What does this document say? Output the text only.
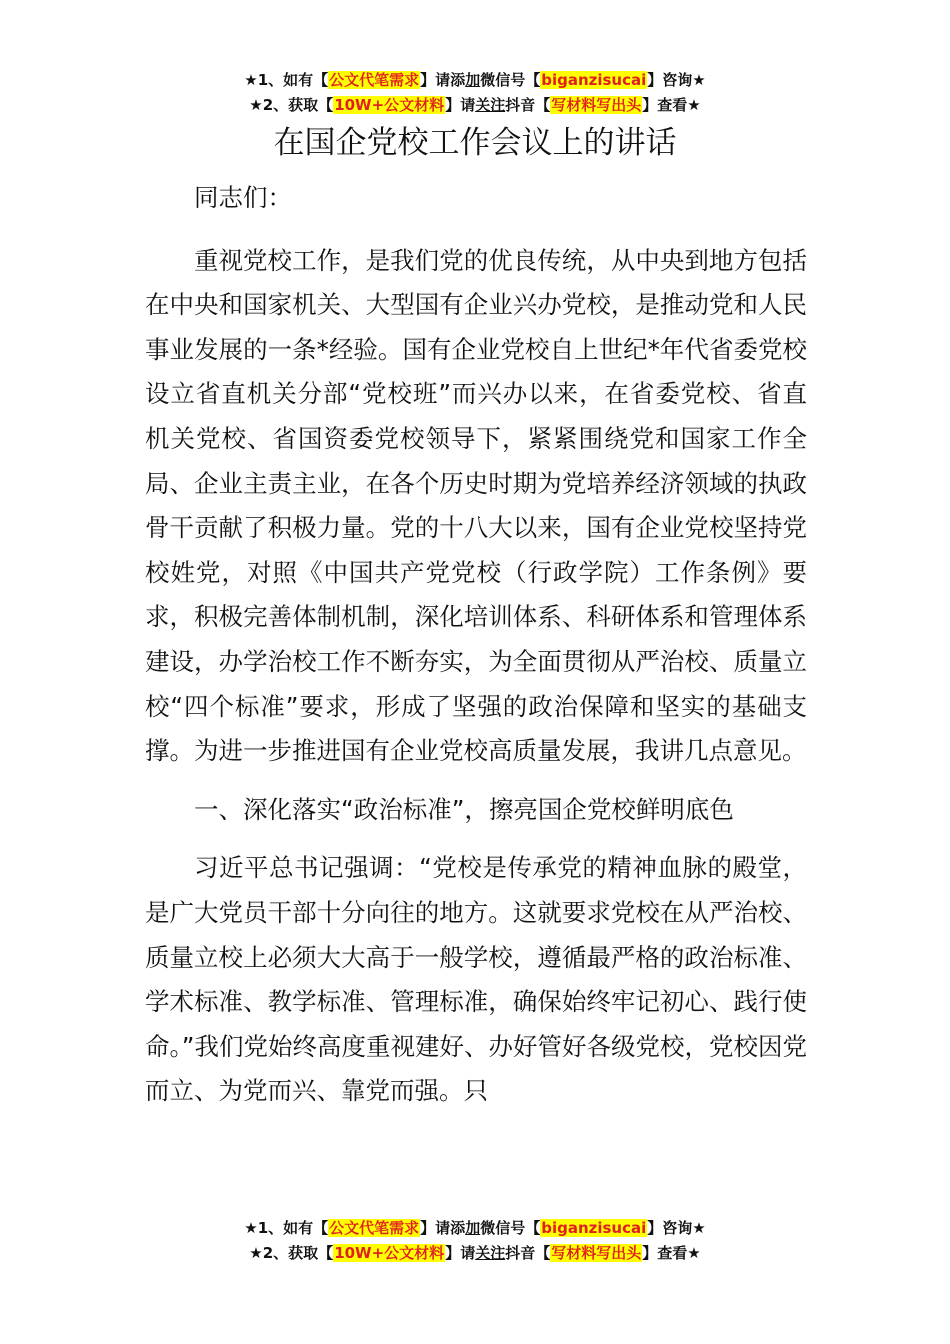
★1、如有【公文代笔需求】请添加微信号【biganzisucai】咨询★
★2、获取【10W+公文材料】请关注抖音【写材料写出头】查看★
在国企党校工作会议上的讲话

同志们：

重视党校工作，是我们党的优良传统，从中央到地方包括在中央和国家机关、大型国有企业兴办党校，是推动党和人民事业发展的一条*经验。国有企业党校自上世纪*年代省委党校设立省直机关分部“党校班”而兴办以来，在省委党校、省直机关党校、省国资委党校领导下，紧紧围绕党和国家工作全局、企业主责主业，在各个历史时期为党培养经济领域的执政骨干贡献了积极力量。党的十八大以来，国有企业党校坚持党校姓党，对照《中国共产党党校（行政学院）工作条例》要求，积极完善体制机制，深化培训体系、科研体系和管理体系建设，办学治校工作不断夯实，为全面贯彻从严治校、质量立校“四个标准”要求，形成了坚强的政治保障和坚实的基础支撑。为进一步推进国有企业党校高质量发展，我讲几点意见。

一、深化落实“政治标准”，擦亮国企党校鲜明底色

习近平总书记强调：“党校是传承党的精神血脉的殿堂，是广大党员干部十分向往的地方。这就要求党校在从严治校、质量立校上必须大大高于一般学校，遵循最严格的政治标准、学术标准、教学标准、管理标准，确保始终牢记初心、践行使命。”我们党始终高度重视建好、办好管好各级党校，党校因党而立、为党而兴、靠党而强。只

★1、如有【公文代笔需求】请添加微信号【biganzisucai】咨询★
★2、获取【10W+公文材料】请关注抖音【写材料写出头】查看★
